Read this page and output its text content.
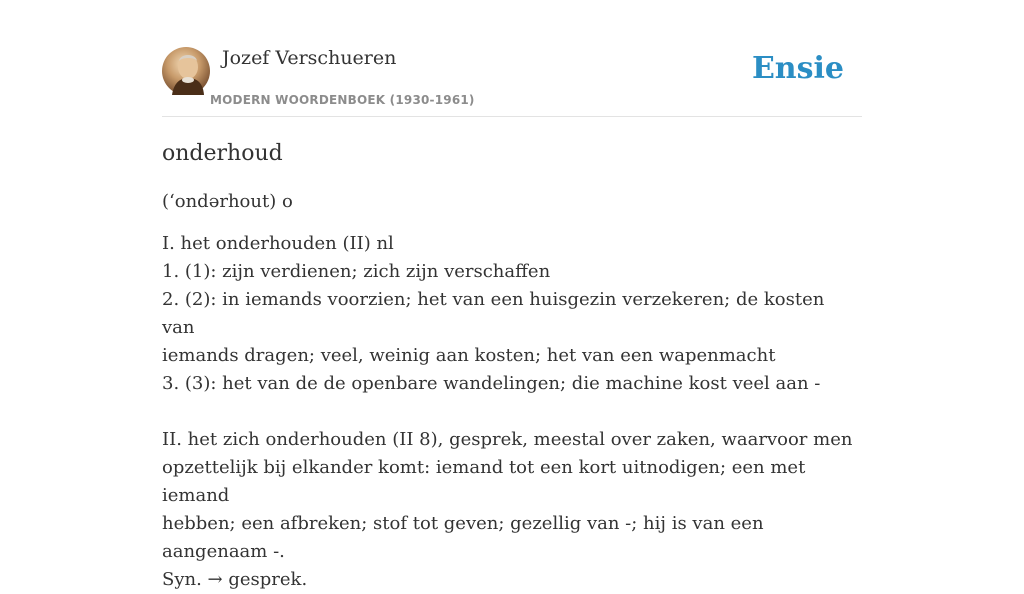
Jozef Verschueren
MODERN WOORDENBOEK (1930-1961)
Ensie
onderhoud

(ʻondərhout) o

I. het onderhouden (II) nl

1. (1): zijn verdienen; zich zijn verschaffen

2. (2): in iemands voorzien; het van een huisgezin verzekeren; de kosten van

iemands dragen; veel, weinig aan kosten; het van een wapenmacht

3. (3): het van de de openbare wandelingen; die machine kost veel aan -

II. het zich onderhouden (II 8), gesprek, meestal over zaken, waarvoor men

opzettelijk bij elkander komt: iemand tot een kort uitnodigen; een met iemand

hebben; een afbreken; stof tot geven; gezellig van -; hij is van een aangenaam -.

Syn. → gesprek.
